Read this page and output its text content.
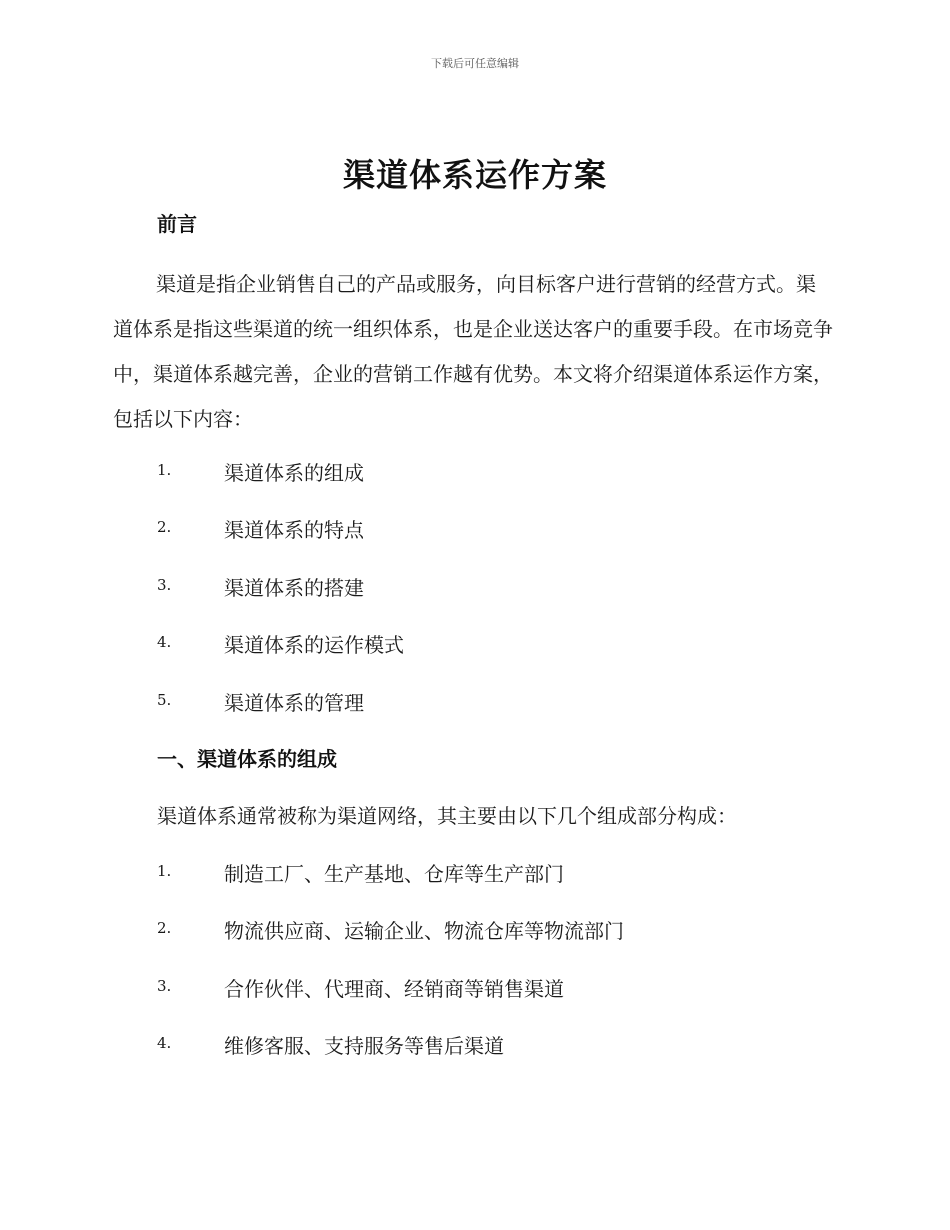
下载后可任意编辑
渠道体系运作方案
前言

渠道是指企业销售自己的产品或服务，向目标客户进行营销的经营方式。渠道体系是指这些渠道的统一组织体系，也是企业送达客户的重要手段。在市场竞争中，渠道体系越完善，企业的营销工作越有优势。本文将介绍渠道体系运作方案，包括以下内容：

1.	渠道体系的组成
2.	渠道体系的特点
3.	渠道体系的搭建
4.	渠道体系的运作模式
5.	渠道体系的管理
一、渠道体系的组成

渠道体系通常被称为渠道网络，其主要由以下几个组成部分构成：

1.	制造工厂、生产基地、仓库等生产部门
2.	物流供应商、运输企业、物流仓库等物流部门
3.	合作伙伴、代理商、经销商等销售渠道
4.	维修客服、支持服务等售后渠道
